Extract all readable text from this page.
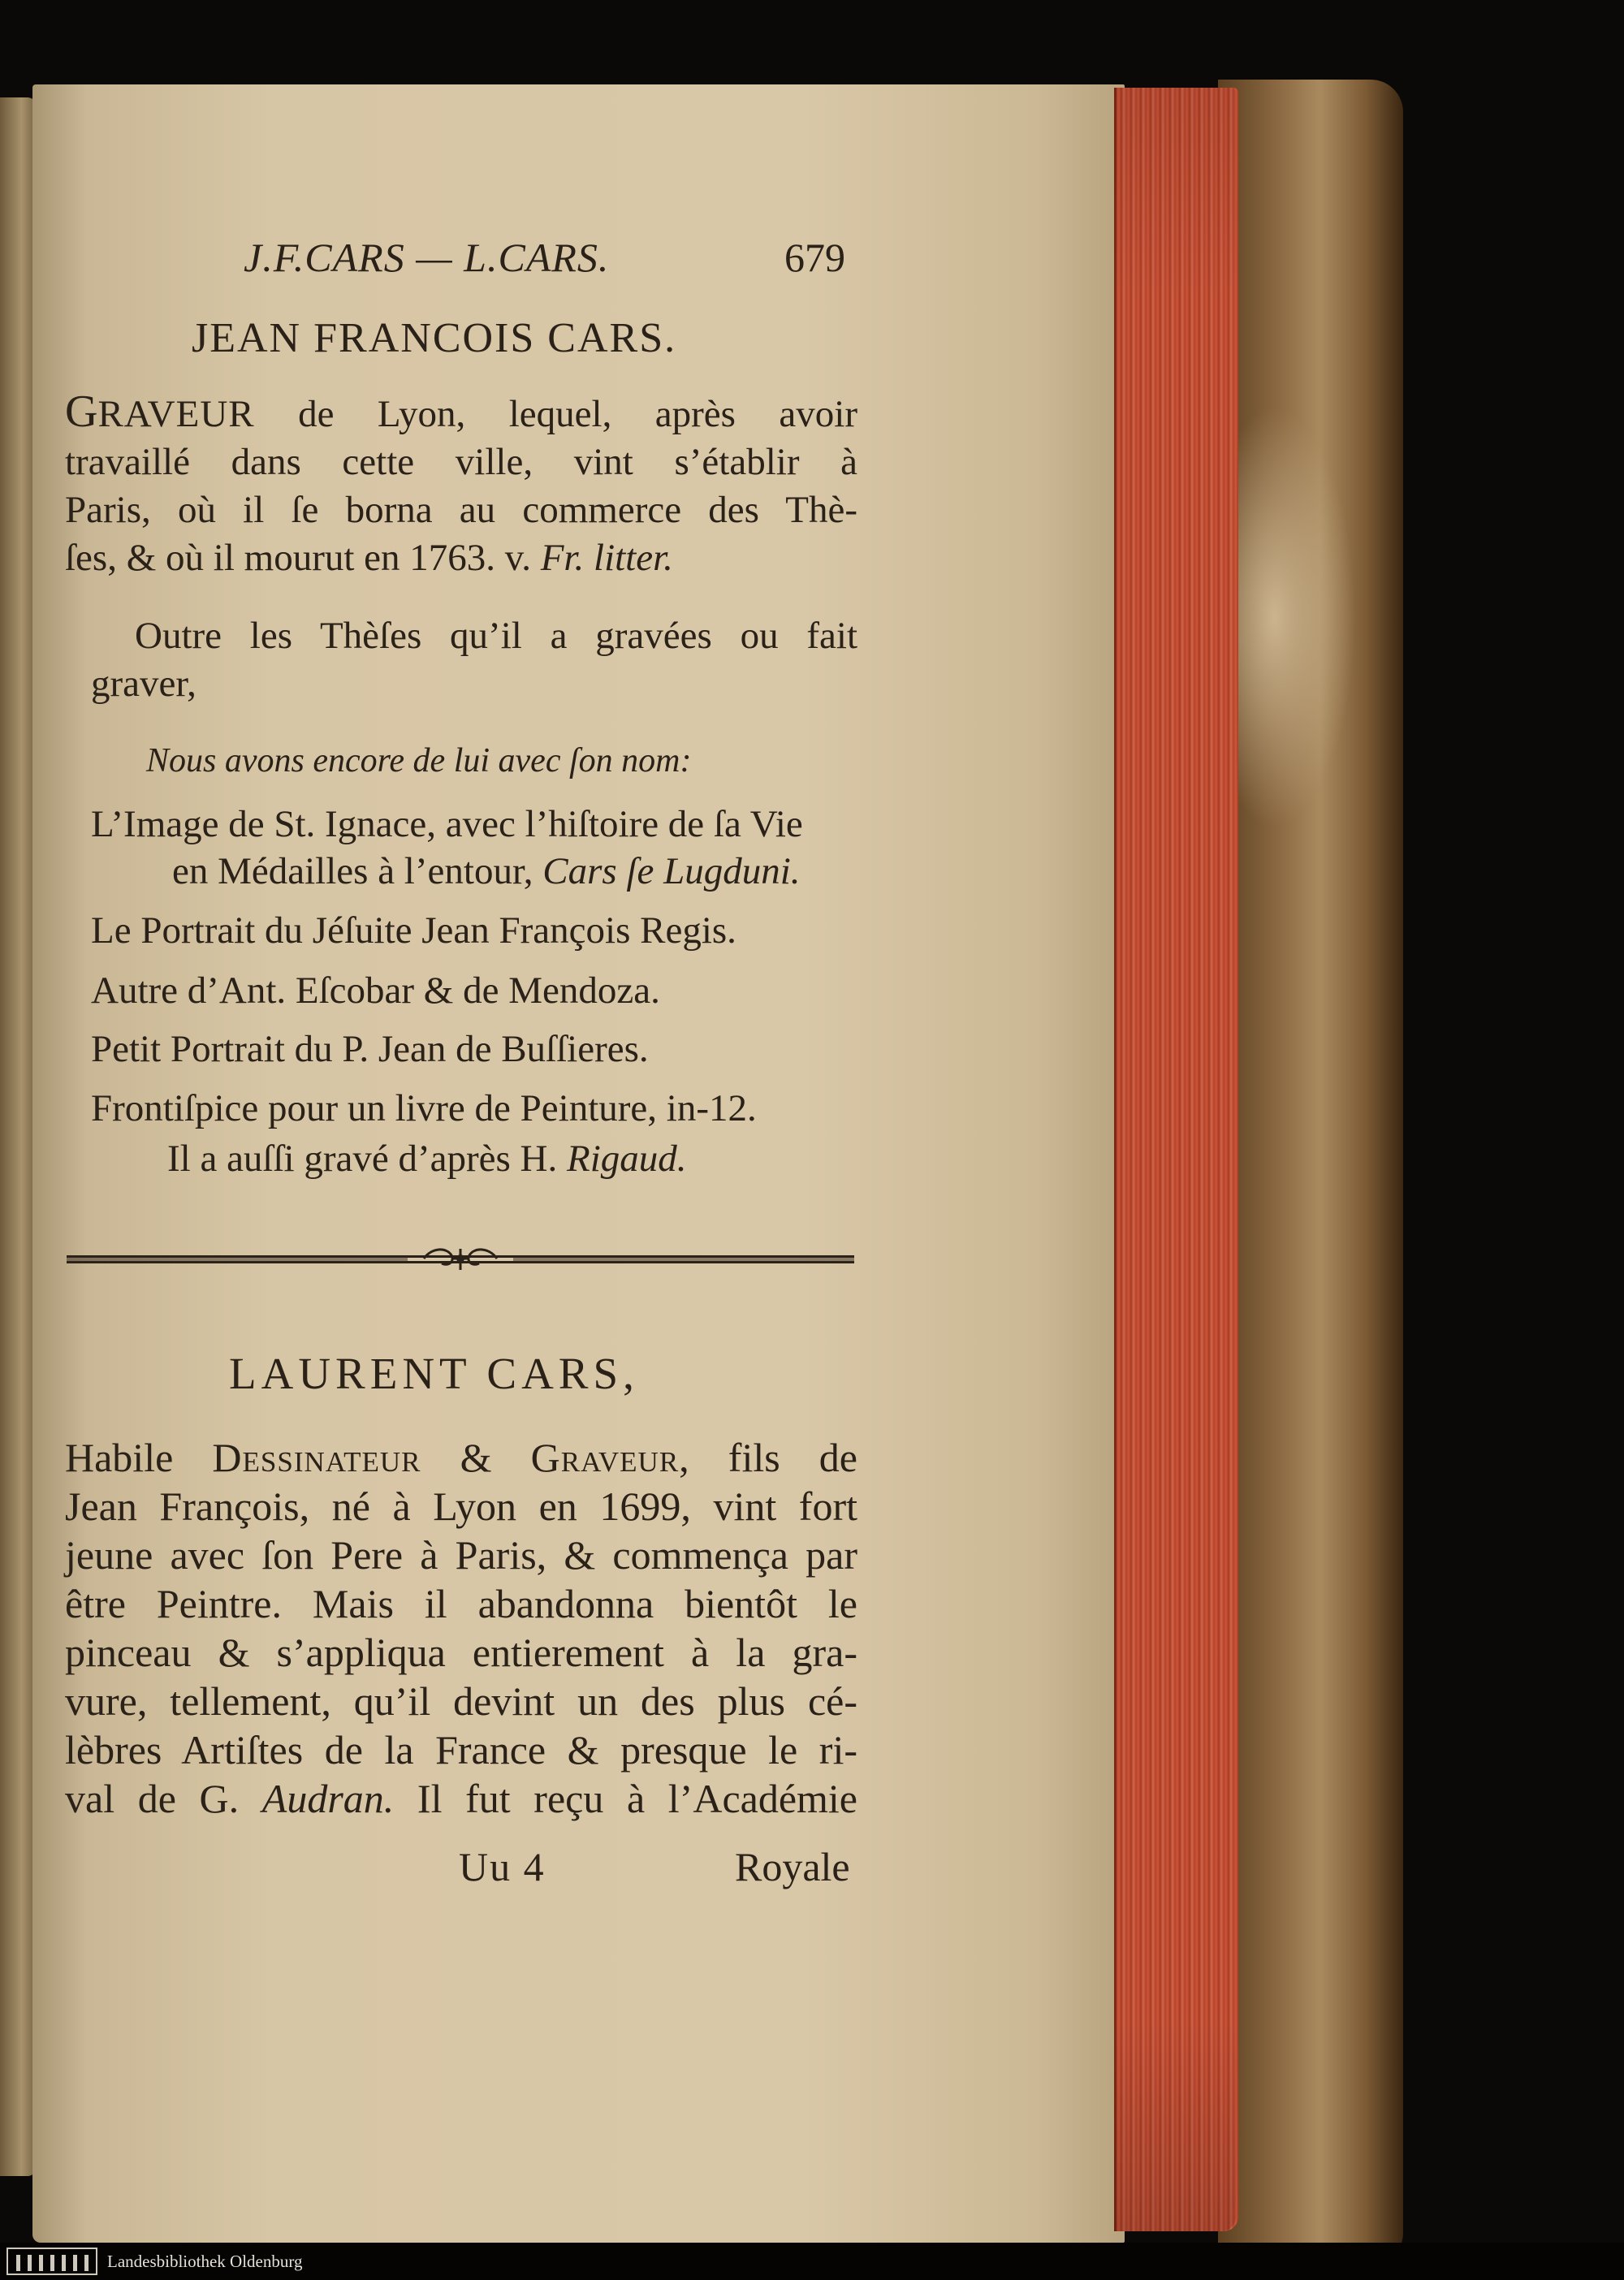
J.F.CARS — L.CARS.	679
JEAN FRANCOIS CARS.
GRAVEUR de Lyon, lequel, après avoir
travaillé dans cette ville, vint s’établir à
Paris, où il ſe borna au commerce des Thè-
ſes, & où il mourut en 1763. v. Fr. litter.
Outre les Thèſes qu’il a gravées ou fait
graver,
Nous avons encore de lui avec ſon nom:
L’Image de St. Ignace, avec l’hiſtoire de ſa Vie
en Médailles à l’entour, Cars ſe Lugduni.
Le Portrait du Jéſuite Jean François Regis.
Autre d’Ant. Eſcobar & de Mendoza.
Petit Portrait du P. Jean de Buſſieres.
Frontiſpice pour un livre de Peinture, in-12.
Il a auſſi gravé d’après H. Rigaud.
LAURENT CARS,
Habile Dessinateur & Graveur, fils de
Jean François, né à Lyon en 1699, vint fort
jeune avec ſon Pere à Paris, & commença par
être Peintre. Mais il abandonna bientôt le
pinceau & s’appliqua entierement à la gra-
vure, tellement, qu’il devint un des plus cé-
lèbres Artiſtes de la France & presque le ri-
val de G. Audran. Il fut reçu à l’Académie
Uu 4	Royale
Landesbibliothek Oldenburg
